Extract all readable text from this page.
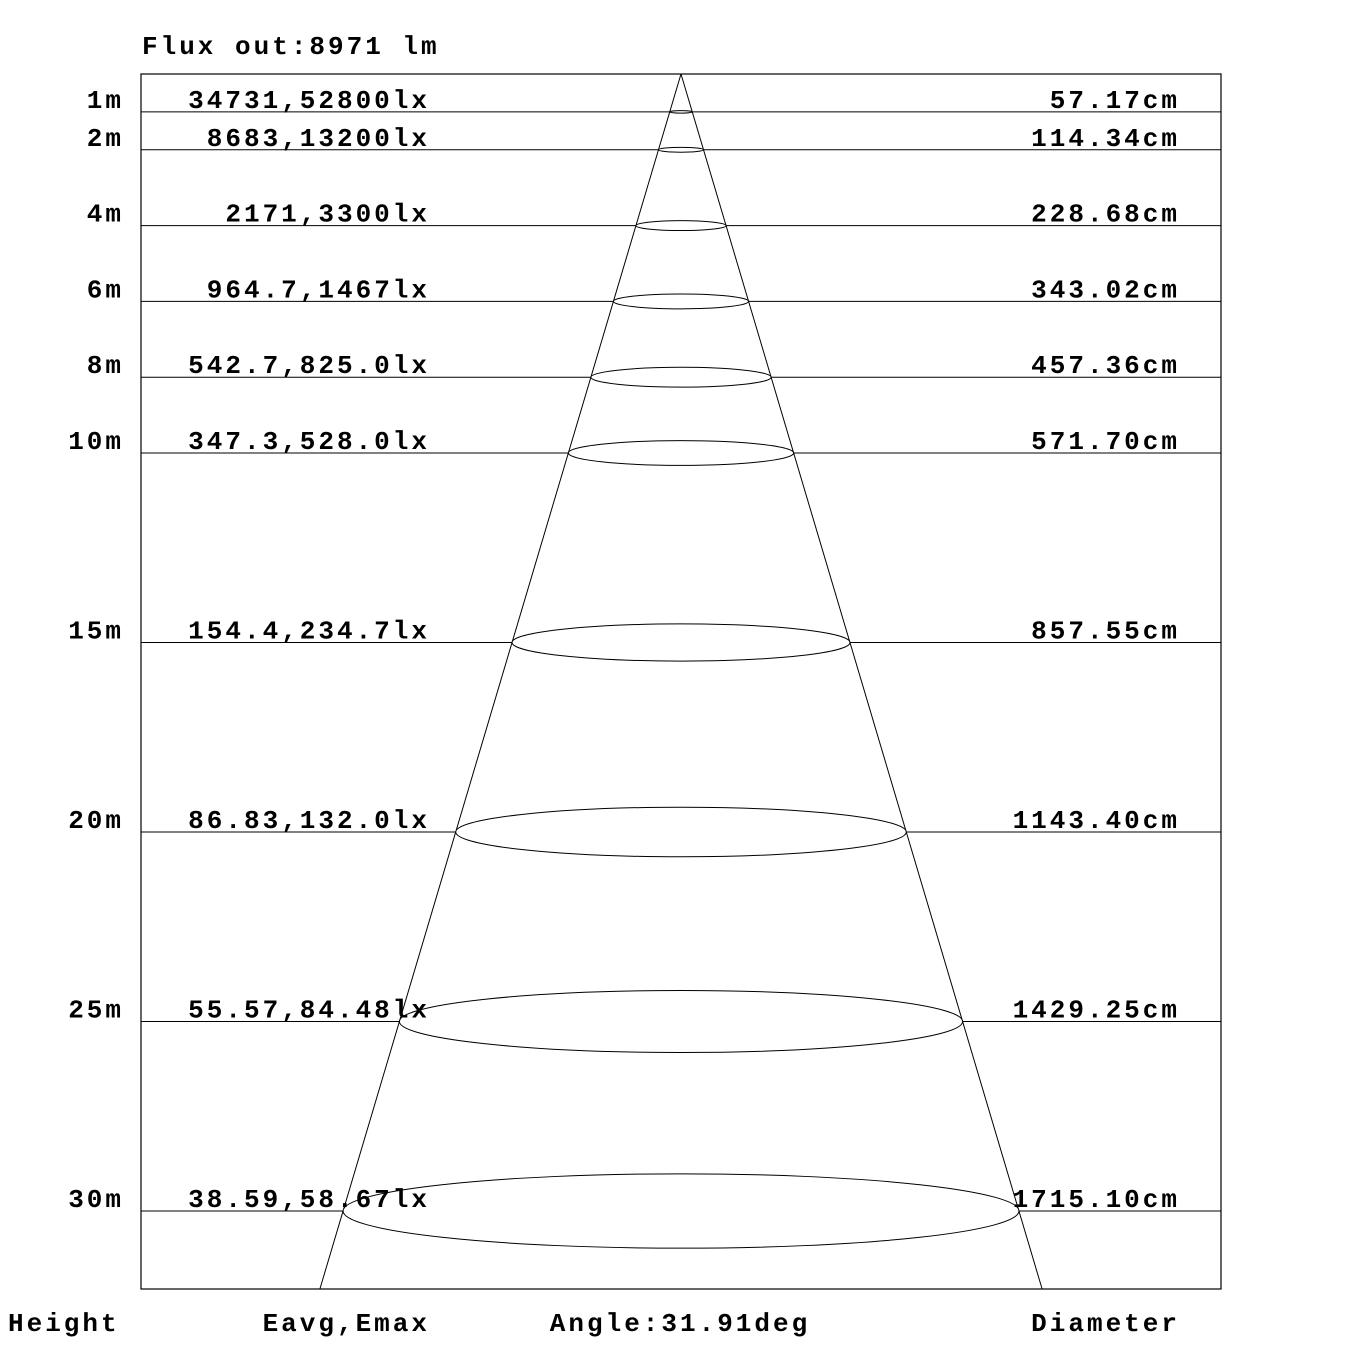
1m 34731,52800lx	57.17cm
2m	8683,13200lx	114.34cm
4m	2171,3300lx	228.68cm
6m	964.7,1467lx	343.02cm
8m 542.7,825.0lx	457.36cm
10m 347.3,528.0lx	571.70cm
15m 154.4,234.7lx	857.55cm
20m 86.83,132.0lx	1143.40cm
25m 55.57,84.48lx	1429.25cm
30m 38.59,58.67lx	1715.10cm
Flux out:8971 lm
Height	Eavg,Emax	Angle:31.91deg	Diameter
